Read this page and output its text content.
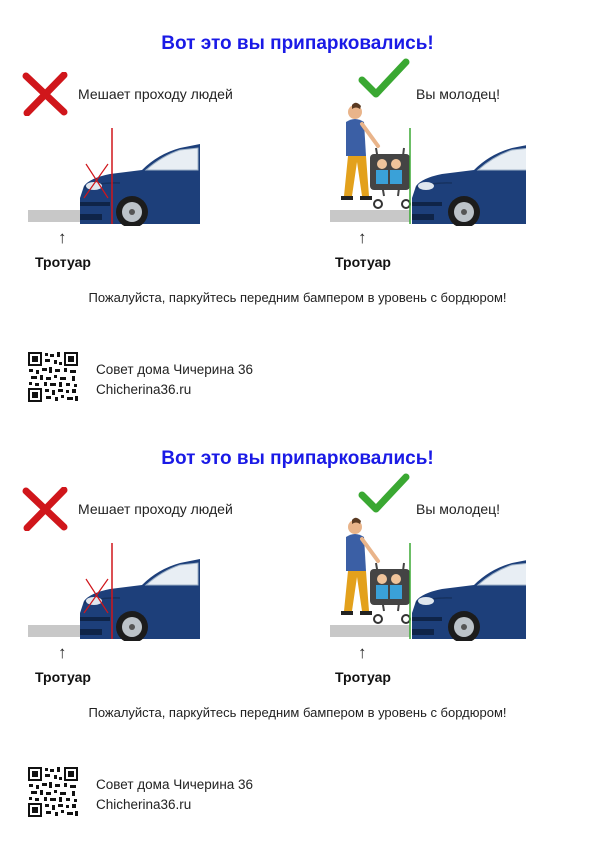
Вот это вы припарковались!
Мешает проходу людей	Вы молодец!
↑	↑
Тротуар	Тротуар
Пожалуйста, паркуйтесь передним бампером в уровень с бордюром!
Совет дома Чичерина 36
Chicherina36.ru
Вот это вы припарковались!
Мешает проходу людей	Вы молодец!
↑	↑
Тротуар	Тротуар
Пожалуйста, паркуйтесь передним бампером в уровень с бордюром!
Совет дома Чичерина 36
Chicherina36.ru
